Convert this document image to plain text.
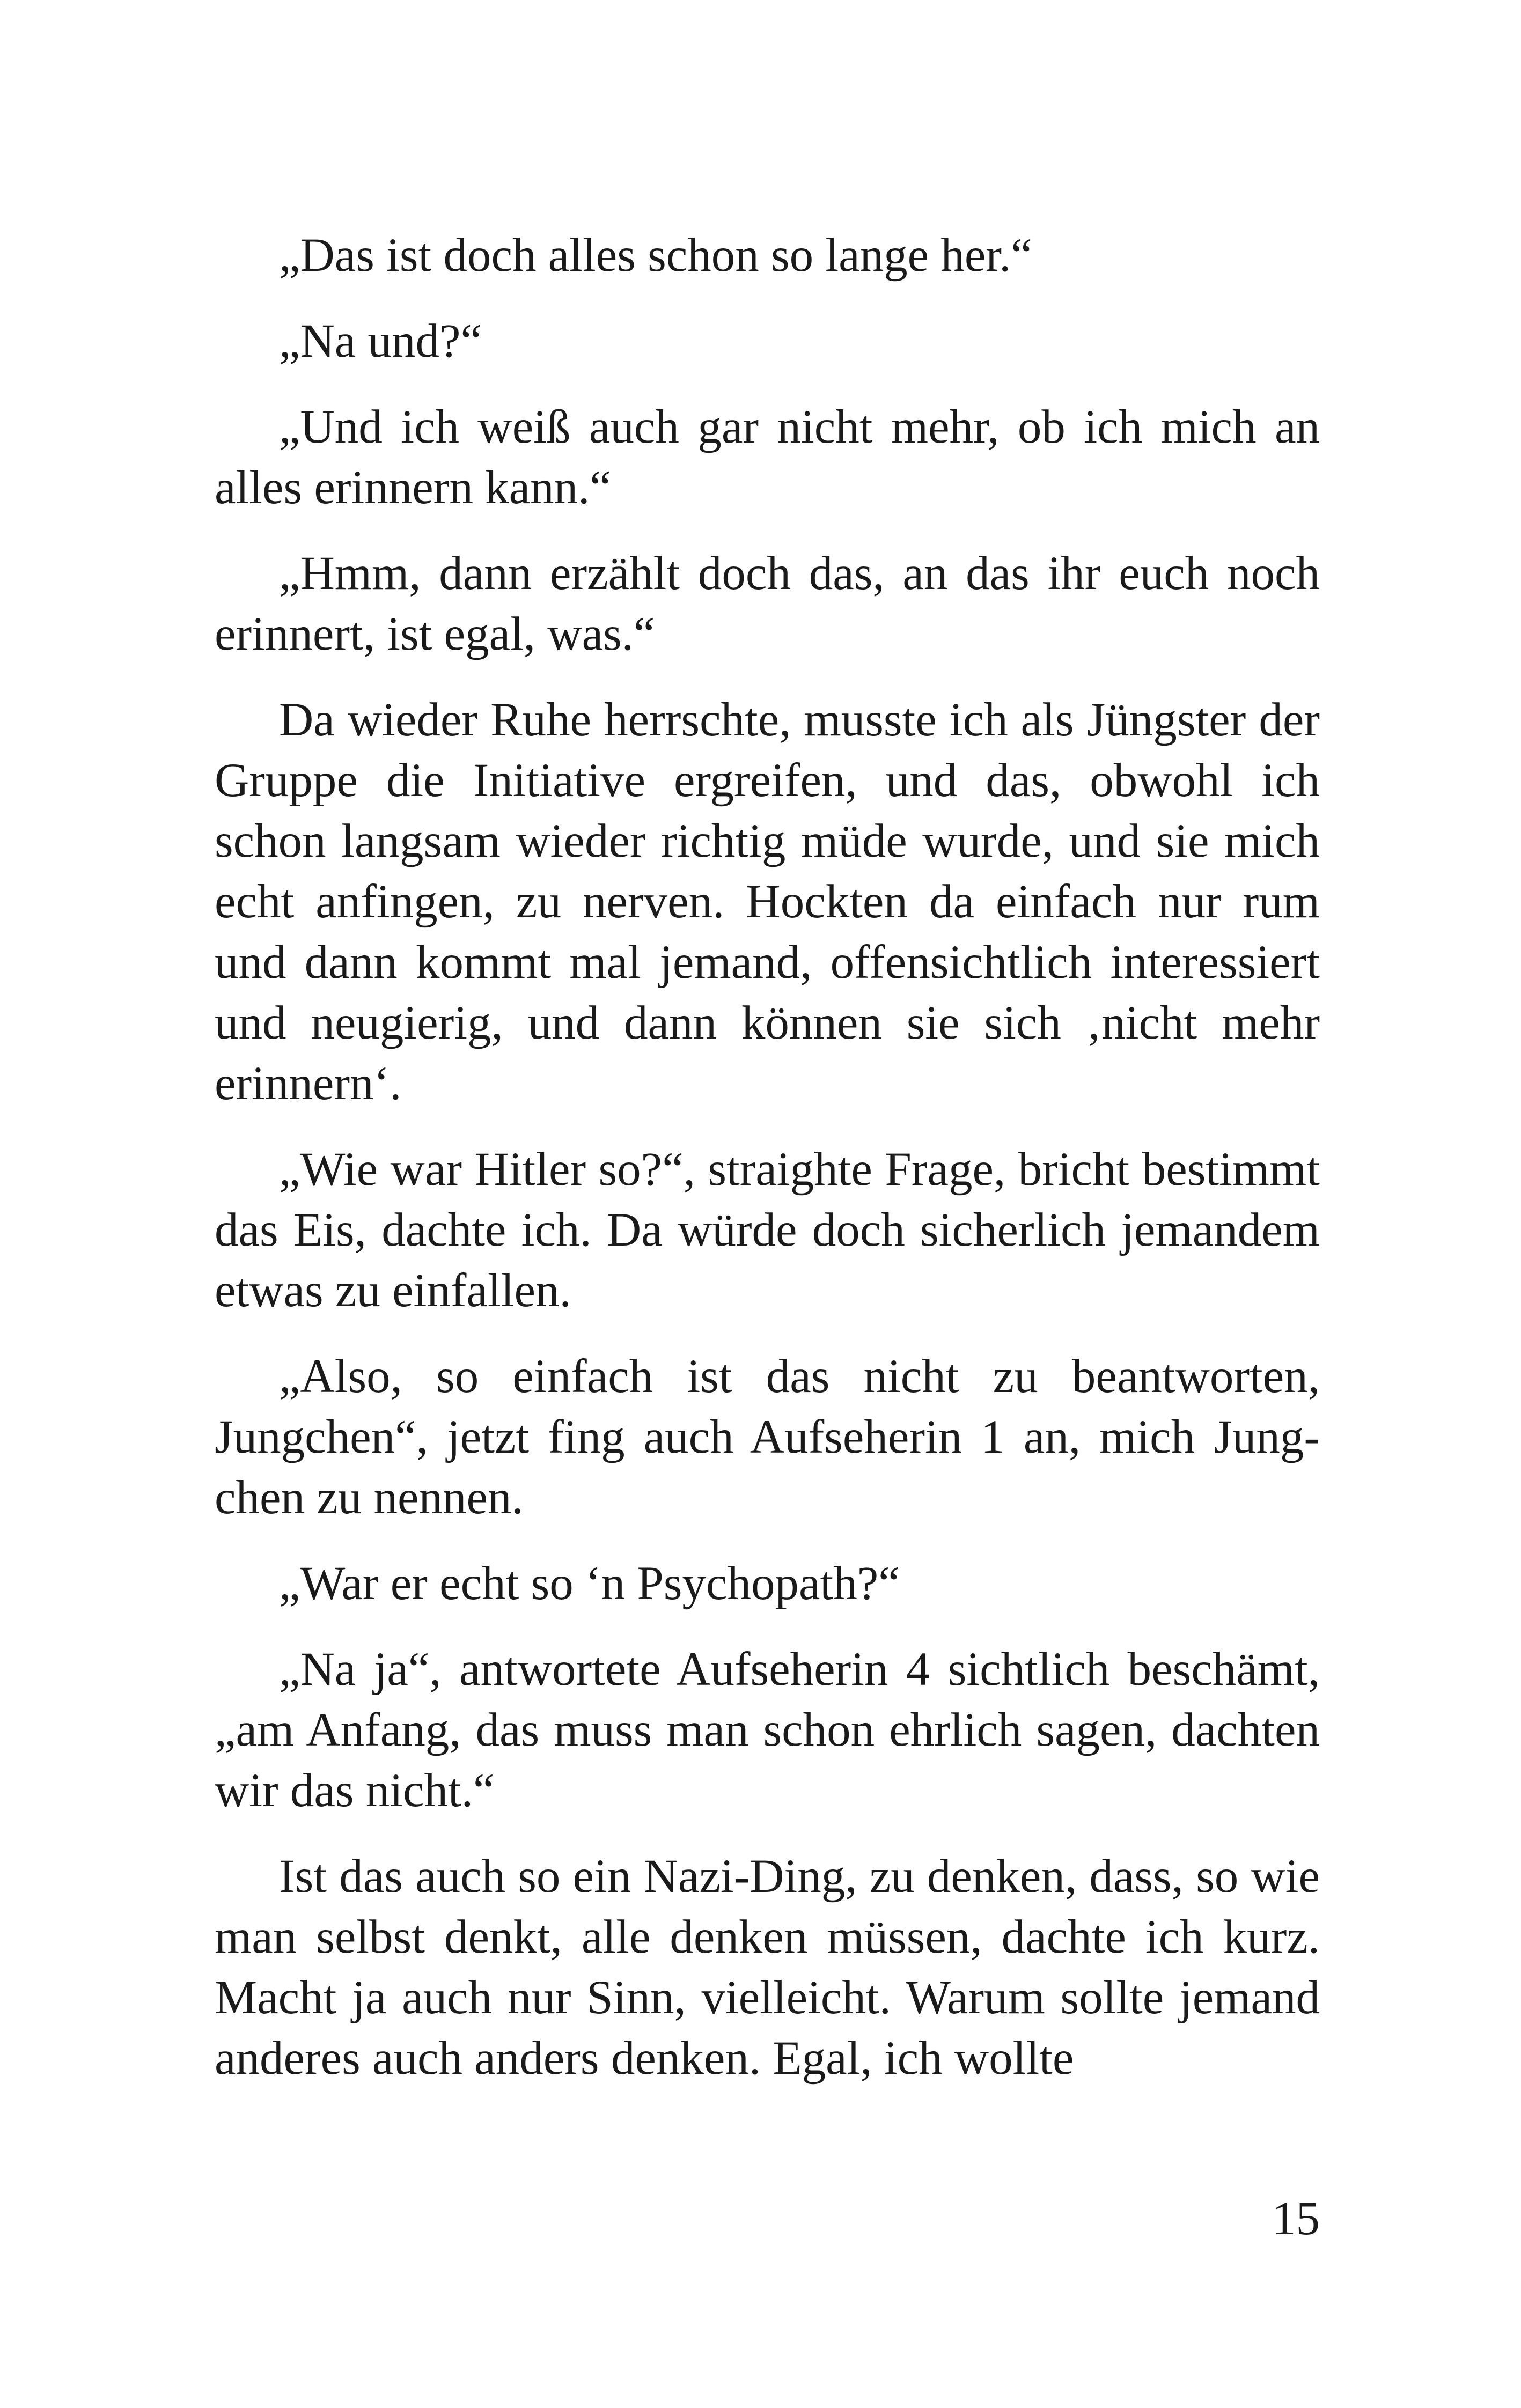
„Das ist doch alles schon so lange her.“

„Na und?“

„Und ich weiß auch gar nicht mehr, ob ich mich an alles erinnern kann.“

„Hmm, dann erzählt doch das, an das ihr euch noch erinnert, ist egal, was.“

Da wieder Ruhe herrschte, musste ich als Jüngster der Gruppe die Initiative ergreifen, und das, obwohl ich schon langsam wieder richtig müde wurde, und sie mich echt anfingen, zu nerven. Hockten da einfach nur rum und dann kommt mal jemand, offensichtlich interessiert und neugierig, und dann können sie sich ‚nicht mehr erinnern‘.

„Wie war Hitler so?“, straighte Frage, bricht bestimmt das Eis, dachte ich. Da würde doch sicherlich jemandem etwas zu einfallen.

„Also, so einfach ist das nicht zu beantworten, Jungchen“, jetzt fing auch Aufseherin 1 an, mich Jungchen zu nennen.

„War er echt so ‘n Psychopath?“

„Na ja“, antwortete Aufseherin 4 sichtlich beschämt, „am Anfang, das muss man schon ehrlich sagen, dachten wir das nicht.“

Ist das auch so ein Nazi-Ding, zu denken, dass, so wie man selbst denkt, alle denken müssen, dachte ich kurz. Macht ja auch nur Sinn, vielleicht. Warum sollte jemand anderes auch anders denken. Egal, ich wollte

15
